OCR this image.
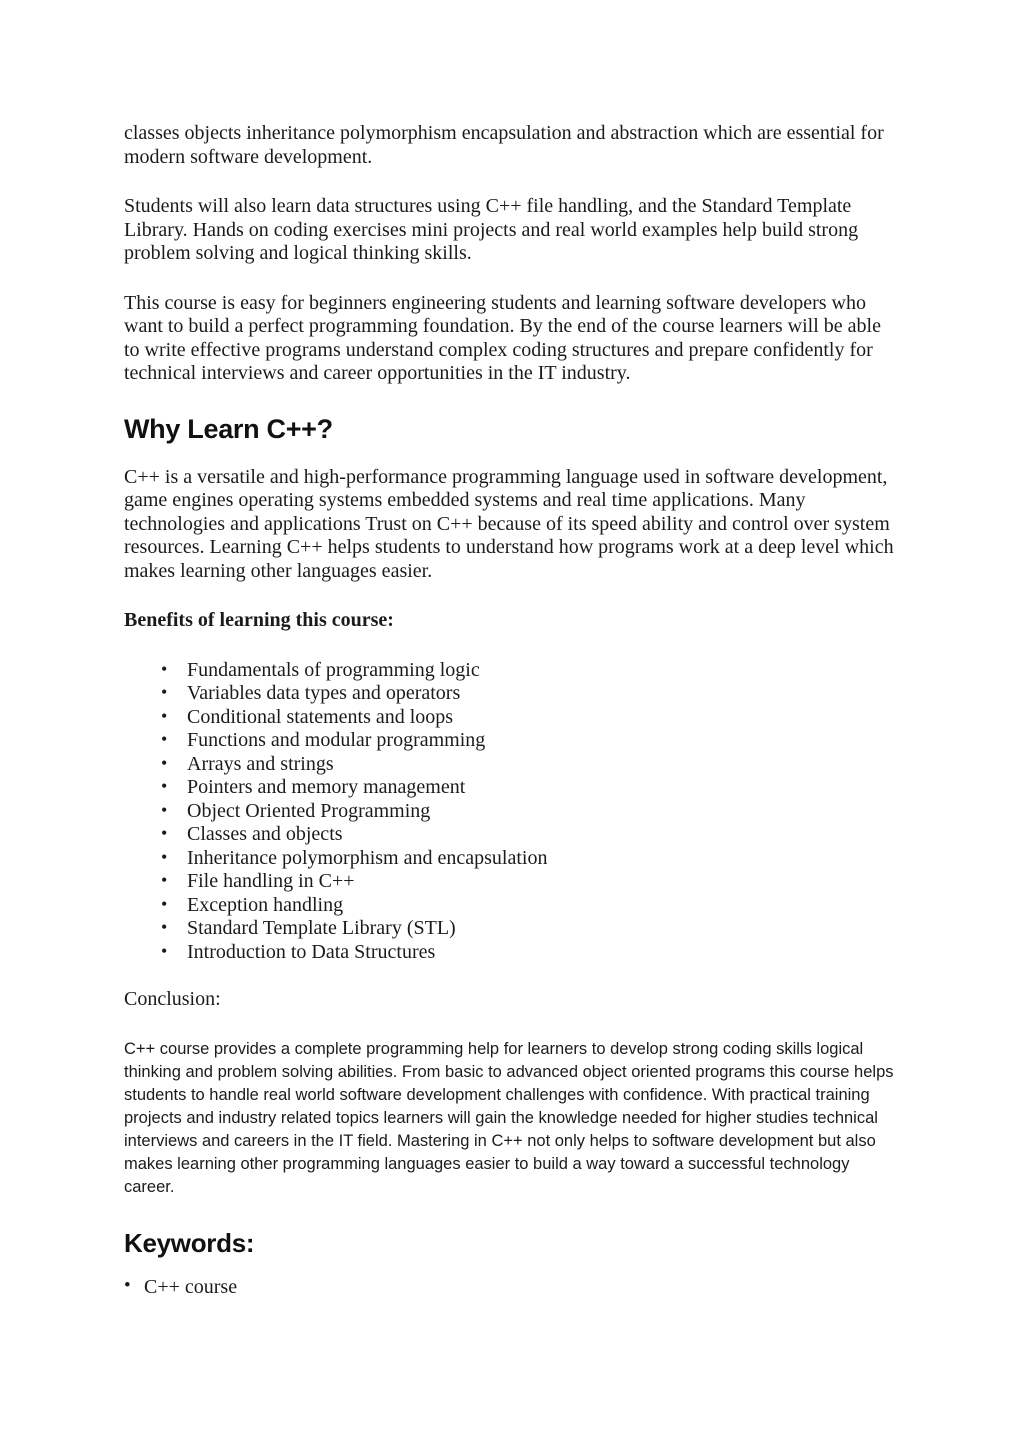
classes objects inheritance polymorphism encapsulation and abstraction which are essential for modern software development.

Students will also learn data structures using C++ file handling, and the Standard Template Library. Hands on coding exercises mini projects and real world examples help build strong problem solving and logical thinking skills.

This course is easy for beginners engineering students and learning software developers who want to build a perfect programming foundation. By the end of the course learners will be able to write effective programs understand complex coding structures and prepare confidently for technical interviews and career opportunities in the IT industry.

Why Learn C++?

C++ is a versatile and high-performance programming language used in software development, game engines operating systems embedded systems and real time applications. Many technologies and applications Trust on C++ because of its speed ability and control over system resources. Learning C++ helps students to understand how programs work at a deep level which makes learning other languages easier.

Benefits of learning this course:

• Fundamentals of programming logic
• Variables data types and operators
• Conditional statements and loops
• Functions and modular programming
• Arrays and strings
• Pointers and memory management
• Object Oriented Programming
• Classes and objects
• Inheritance polymorphism and encapsulation
• File handling in C++
• Exception handling
• Standard Template Library (STL)
• Introduction to Data Structures

Conclusion:

C++ course provides a complete programming help for learners to develop strong coding skills logical thinking and problem solving abilities. From basic to advanced object oriented programs this course helps students to handle real world software development challenges with confidence. With practical training projects and industry related topics learners will gain the knowledge needed for higher studies technical interviews and careers in the IT field. Mastering in C++ not only helps to software development but also makes learning other programming languages easier to build a way toward a successful technology career.

Keywords:
• C++ course
